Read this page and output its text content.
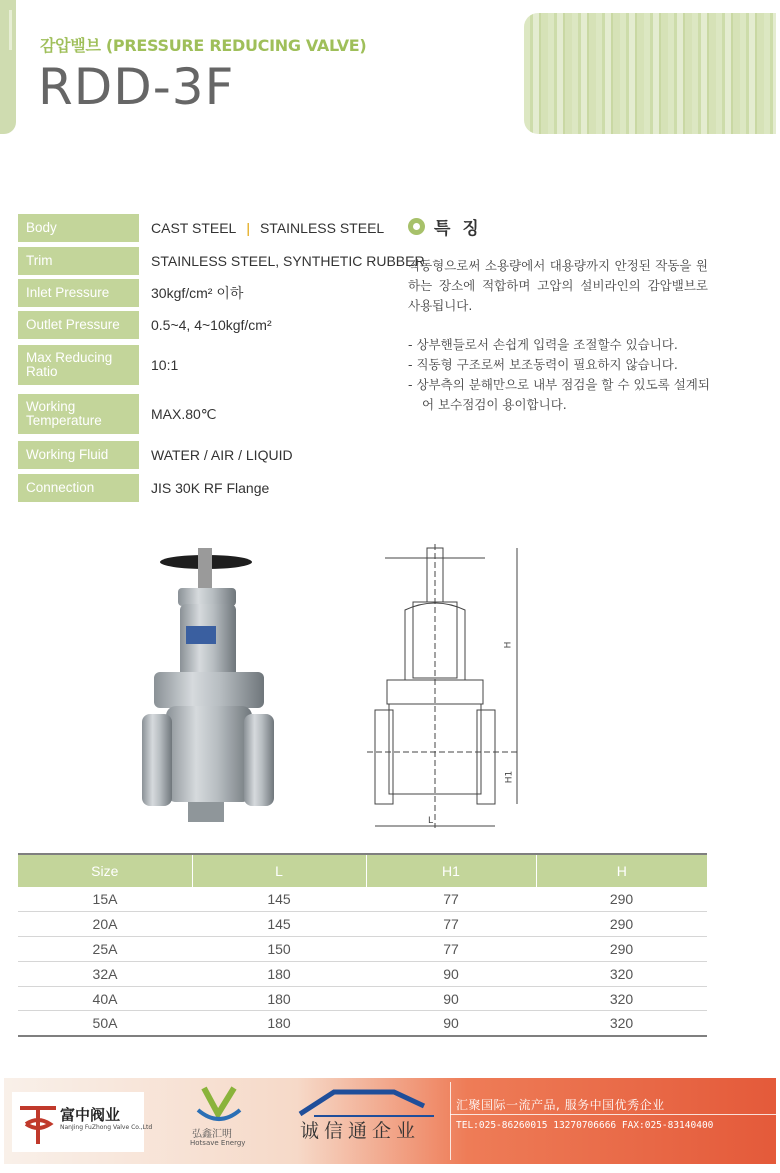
감압밸브 (PRESSURE REDUCING VALVE)
RDD-3F
Body	CAST STEEL | STAINLESS STEEL
Trim	STAINLESS STEEL, SYNTHETIC RUBBER
Inlet Pressure	30kgf/cm² 이하
Outlet Pressure	0.5~4, 4~10kgf/cm²
Max Reducing Ratio	10:1
Working Temperature	MAX.80℃
Working Fluid	WATER / AIR / LIQUID
Connection	JIS 30K RF Flange
특징

직동형으로써 소용량에서 대용량까지 안정된 작동을 원하는 장소에 적합하며 고압의 설비라인의 감압밸브로 사용됩니다.

- 상부핸들로서 손쉽게 입력을 조절할수 있습니다.
- 직동형 구조로써 보조동력이 필요하지 않습니다.
- 상부측의 분해만으로 내부 점검을 할 수 있도록 설계되어 보수점검이 용이합니다.
H
H1
L
Size	L	H1	H
15A	145	77	290
20A	145	77	290
25A	150	77	290
32A	180	90	320
40A	180	90	320
50A	180	90	320
富中阀业
NanJing FuZhong Valve Co.,Ltd
弘鑫汇明
Hotsave Energy
诚信通企业
汇聚国际一流产品, 服务中国优秀企业
TEL:025-86260015 13270706666 FAX:025-83140400
